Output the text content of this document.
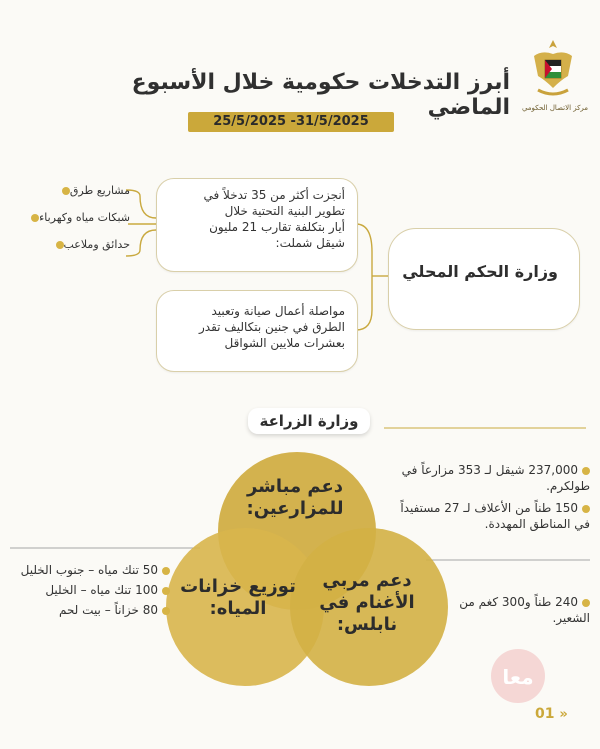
مركز الاتصال الحكومي
أبرز التدخلات حكومية خلال الأسبوع الماضي
25/5/2025 -31/5/2025
مشاريع طرق
شبكات مياه وكهرباء
حدائق وملاعب
أنجزت أكثر من 35 تدخلاً في
تطوير البنية التحتية خلال
أيار بتكلفة تقارب 21 مليون
شيقل شملت:
مواصلة أعمال صيانة وتعبيد
الطرق في جنين بتكاليف تقدر
بعشرات ملايين الشواقل
وزارة الحكم المحلي
وزارة الزراعة
دعم مباشر
للمزارعين:
توزيع خزانات
المياه:
دعم مربي
الأغنام في
نابلس:
237,000 شيقل لـ 353 مزارعاً في
طولكرم.
150 طناً من الأعلاف لـ 27 مستفيداً
في المناطق المهددة.
50 تنك مياه – جنوب الخليل
100 تنك مياه – الخليل
80 خزاناً – بيت لحم
240 طناً و300 كغم من
الشعير.
معا
01 »
